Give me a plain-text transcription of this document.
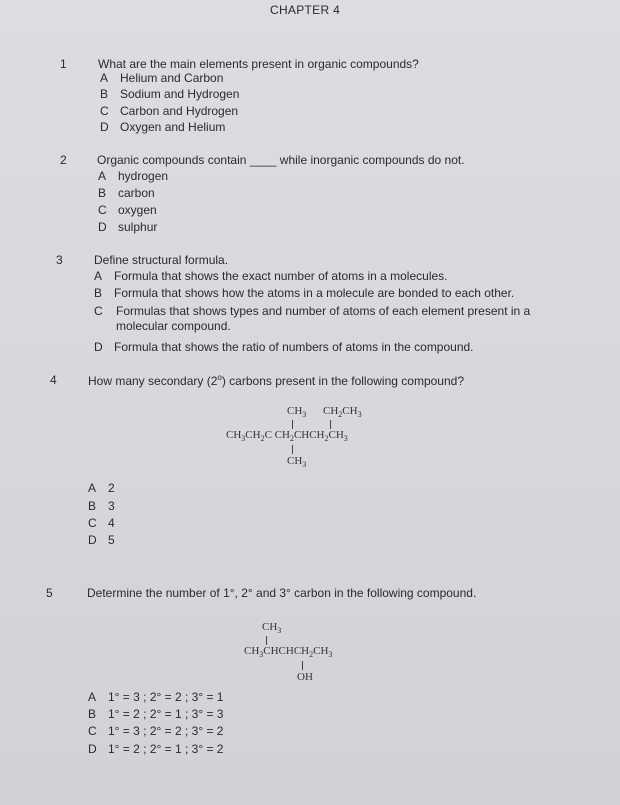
CHAPTER 4
1	What are the main elements present in organic compounds?
A Helium and Carbon
B Sodium and Hydrogen
C Carbon and Hydrogen
D Oxygen and Helium
2	Organic compounds contain ____ while inorganic compounds do not.
A hydrogen
B carbon
C oxygen
D sulphur
3	Define structural formula.
A Formula that shows the exact number of atoms in a molecules.
B Formula that shows how the atoms in a molecule are bonded to each other.
C	Formulas that shows types and number of atoms of each element present in a molecular compound.
D Formula that shows the ratio of numbers of atoms in the compound.
4	How many secondary (2$^o$) carbons present in the following compound?
$CH_3$ $CH_2CH_3$
$CH_3CH_2C$ $CH_2CHCH_2CH_3$
$CH_3$
A 2
B 3
C 4
D 5
5	Determine the number of 1°, 2° and 3° carbon in the following compound.
$CH_3$
$CH_3CHCHCH_2CH_3$
OH
A 1° = 3 ; 2° = 2 ; 3° = 1
B 1° = 2 ; 2° = 1 ; 3° = 3
C 1° = 3 ; 2° = 2 ; 3° = 2
D 1° = 2 ; 2° = 1 ; 3° = 2
